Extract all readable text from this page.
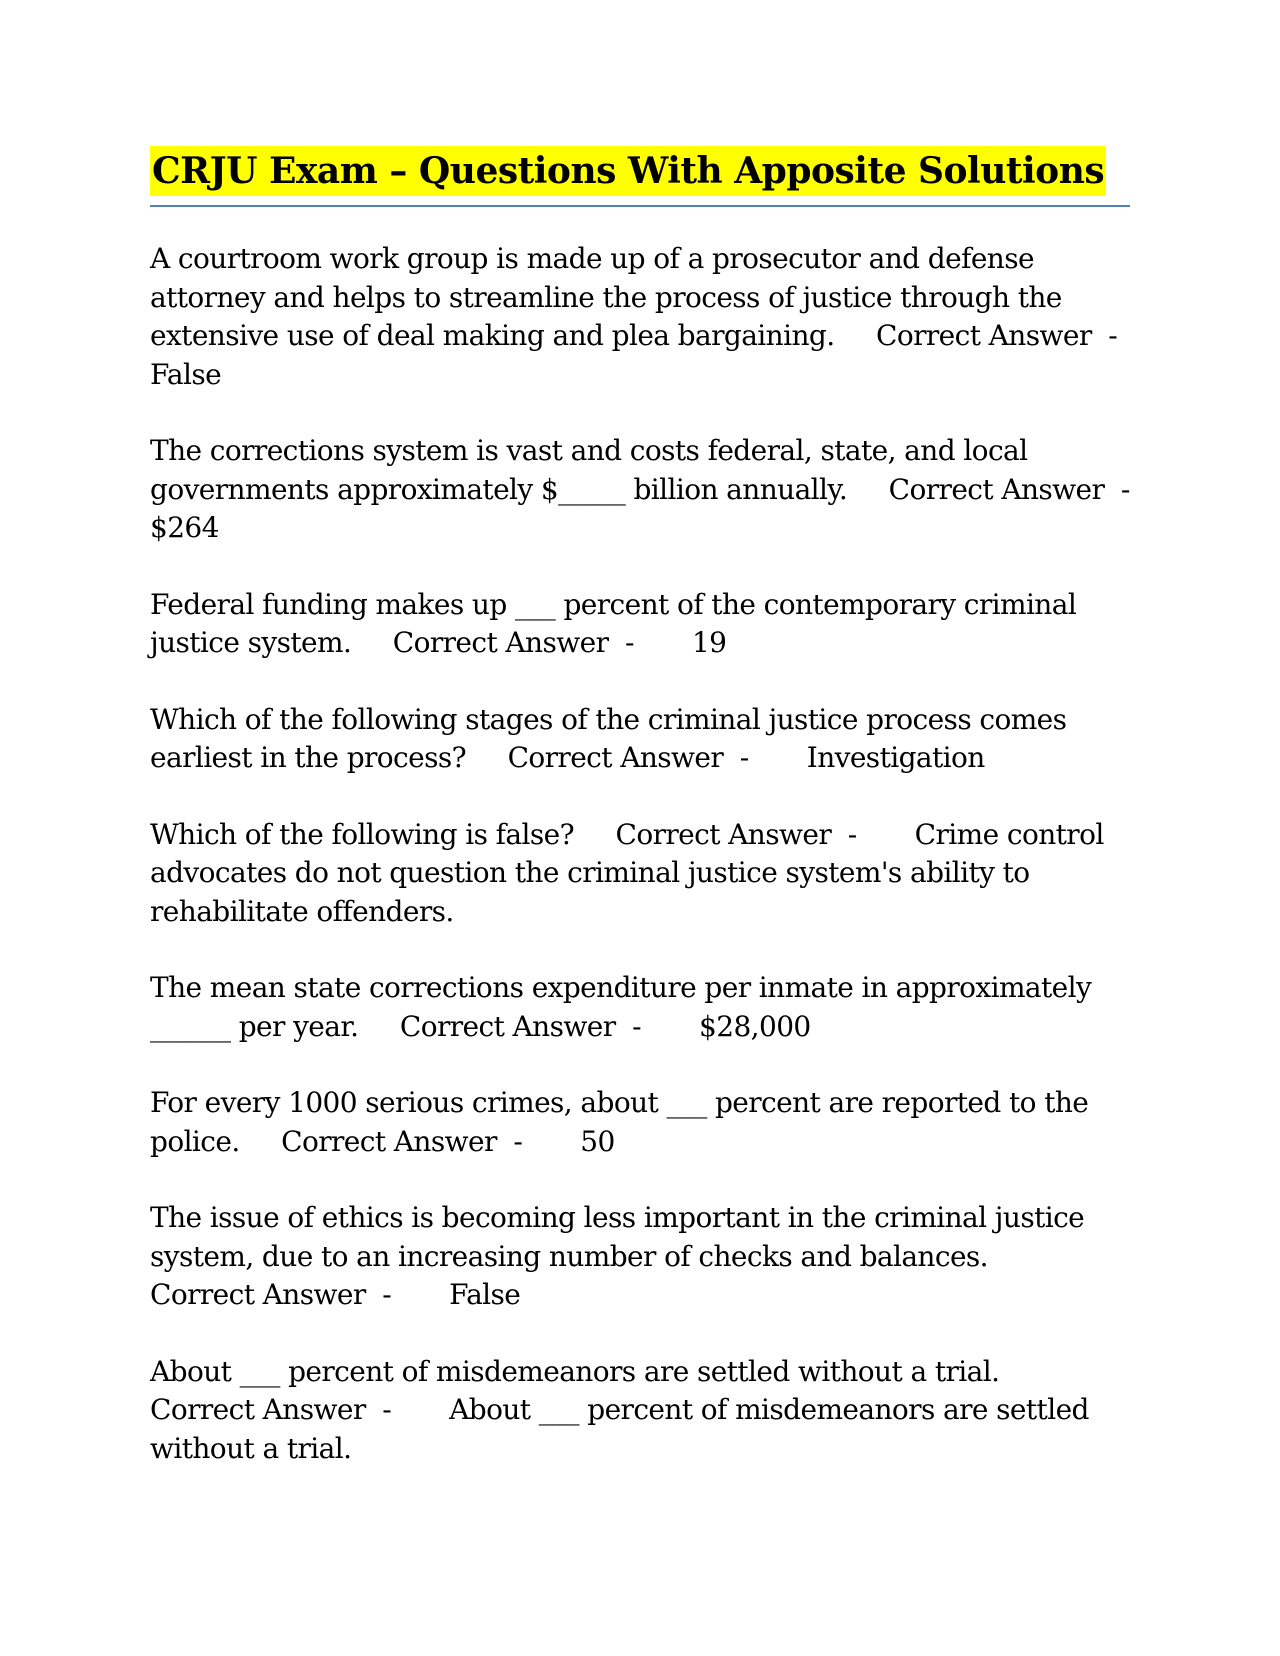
CRJU Exam – Questions With Apposite Solutions

A courtroom work group is made up of a prosecutor and defense attorney and helps to streamline the process of justice through the extensive use of deal making and plea bargaining.     Correct Answer  -      False

The corrections system is vast and costs federal, state, and local governments approximately $_____ billion annually.     Correct Answer  -      $264

Federal funding makes up ___ percent of the contemporary criminal justice system.     Correct Answer  -       19

Which of the following stages of the criminal justice process comes earliest in the process?     Correct Answer  -       Investigation

Which of the following is false?     Correct Answer  -       Crime control advocates do not question the criminal justice system's ability to rehabilitate offenders.

The mean state corrections expenditure per inmate in approximately ______ per year.     Correct Answer  -       $28,000

For every 1000 serious crimes, about ___ percent are reported to the police.     Correct Answer  -       50

The issue of ethics is becoming less important in the criminal justice system, due to an increasing number of checks and balances.     Correct Answer  -       False

About ___ percent of misdemeanors are settled without a trial.     Correct Answer  -       About ___ percent of misdemeanors are settled without a trial.
